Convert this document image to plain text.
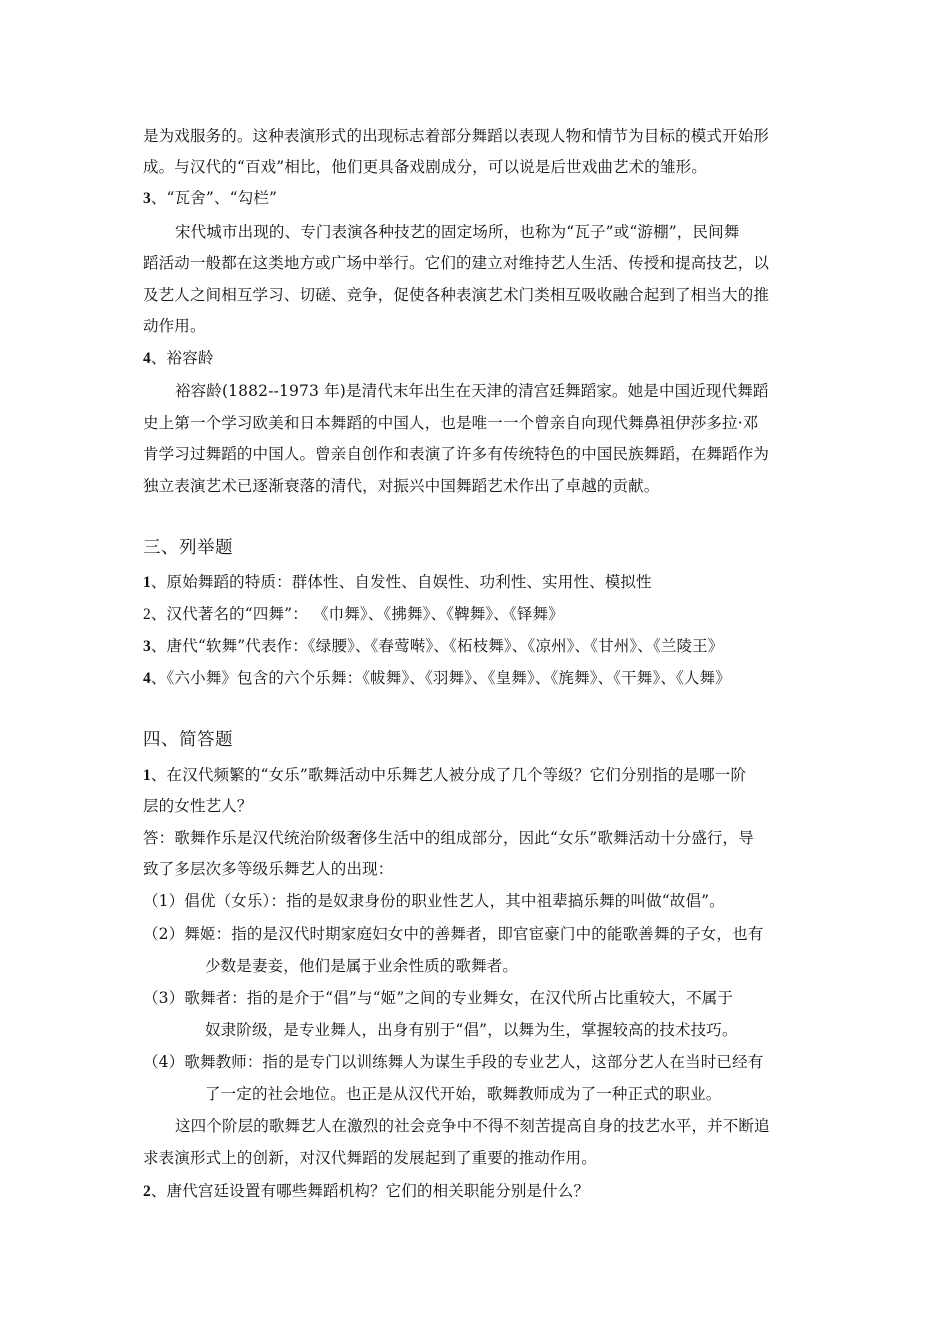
是为戏服务的。这种表演形式的出现标志着部分舞蹈以表现人物和情节为目标的模式开始形
成。与汉代的“百戏”相比，他们更具备戏剧成分，可以说是后世戏曲艺术的雏形。
3、“瓦舍”、“勾栏”
宋代城市出现的、专门表演各种技艺的固定场所，也称为“瓦子”或“游棚”，民间舞
蹈活动一般都在这类地方或广场中举行。它们的建立对维持艺人生活、传授和提高技艺，以
及艺人之间相互学习、切磋、竞争，促使各种表演艺术门类相互吸收融合起到了相当大的推
动作用。
4、裕容龄
裕容龄(1882--1973 年)是清代末年出生在天津的清宫廷舞蹈家。她是中国近现代舞蹈
史上第一个学习欧美和日本舞蹈的中国人，也是唯一一个曾亲自向现代舞鼻祖伊莎多拉·邓
肯学习过舞蹈的中国人。曾亲自创作和表演了许多有传统特色的中国民族舞蹈，在舞蹈作为
独立表演艺术已逐渐衰落的清代，对振兴中国舞蹈艺术作出了卓越的贡献。
三、列举题
1、原始舞蹈的特质：群体性、自发性、自娱性、功利性、实用性、模拟性
2、汉代著名的“四舞”： 《巾舞》、《拂舞》、《鞞舞》、《铎舞》
3、唐代“软舞”代表作：《绿腰》、《春莺啭》、《柘枝舞》、《凉州》、《甘州》、《兰陵王》
4、《六小舞》包含的六个乐舞：《帗舞》、《羽舞》、《皇舞》、《旄舞》、《干舞》、《人舞》
四、简答题
1、在汉代频繁的“女乐”歌舞活动中乐舞艺人被分成了几个等级？它们分别指的是哪一阶
层的女性艺人？
答：歌舞作乐是汉代统治阶级奢侈生活中的组成部分，因此“女乐”歌舞活动十分盛行，导
致了多层次多等级乐舞艺人的出现：
（1）倡优（女乐）：指的是奴隶身份的职业性艺人，其中祖辈搞乐舞的叫做“故倡”。
（2）舞姬：指的是汉代时期家庭妇女中的善舞者，即官宦豪门中的能歌善舞的子女，也有
少数是妻妾，他们是属于业余性质的歌舞者。
（3）歌舞者：指的是介于“倡”与“姬”之间的专业舞女，在汉代所占比重较大，不属于
奴隶阶级，是专业舞人，出身有别于“倡”，以舞为生，掌握较高的技术技巧。
（4）歌舞教师：指的是专门以训练舞人为谋生手段的专业艺人，这部分艺人在当时已经有
了一定的社会地位。也正是从汉代开始，歌舞教师成为了一种正式的职业。
这四个阶层的歌舞艺人在激烈的社会竞争中不得不刻苦提高自身的技艺水平，并不断追
求表演形式上的创新，对汉代舞蹈的发展起到了重要的推动作用。
2、唐代宫廷设置有哪些舞蹈机构？它们的相关职能分别是什么？
